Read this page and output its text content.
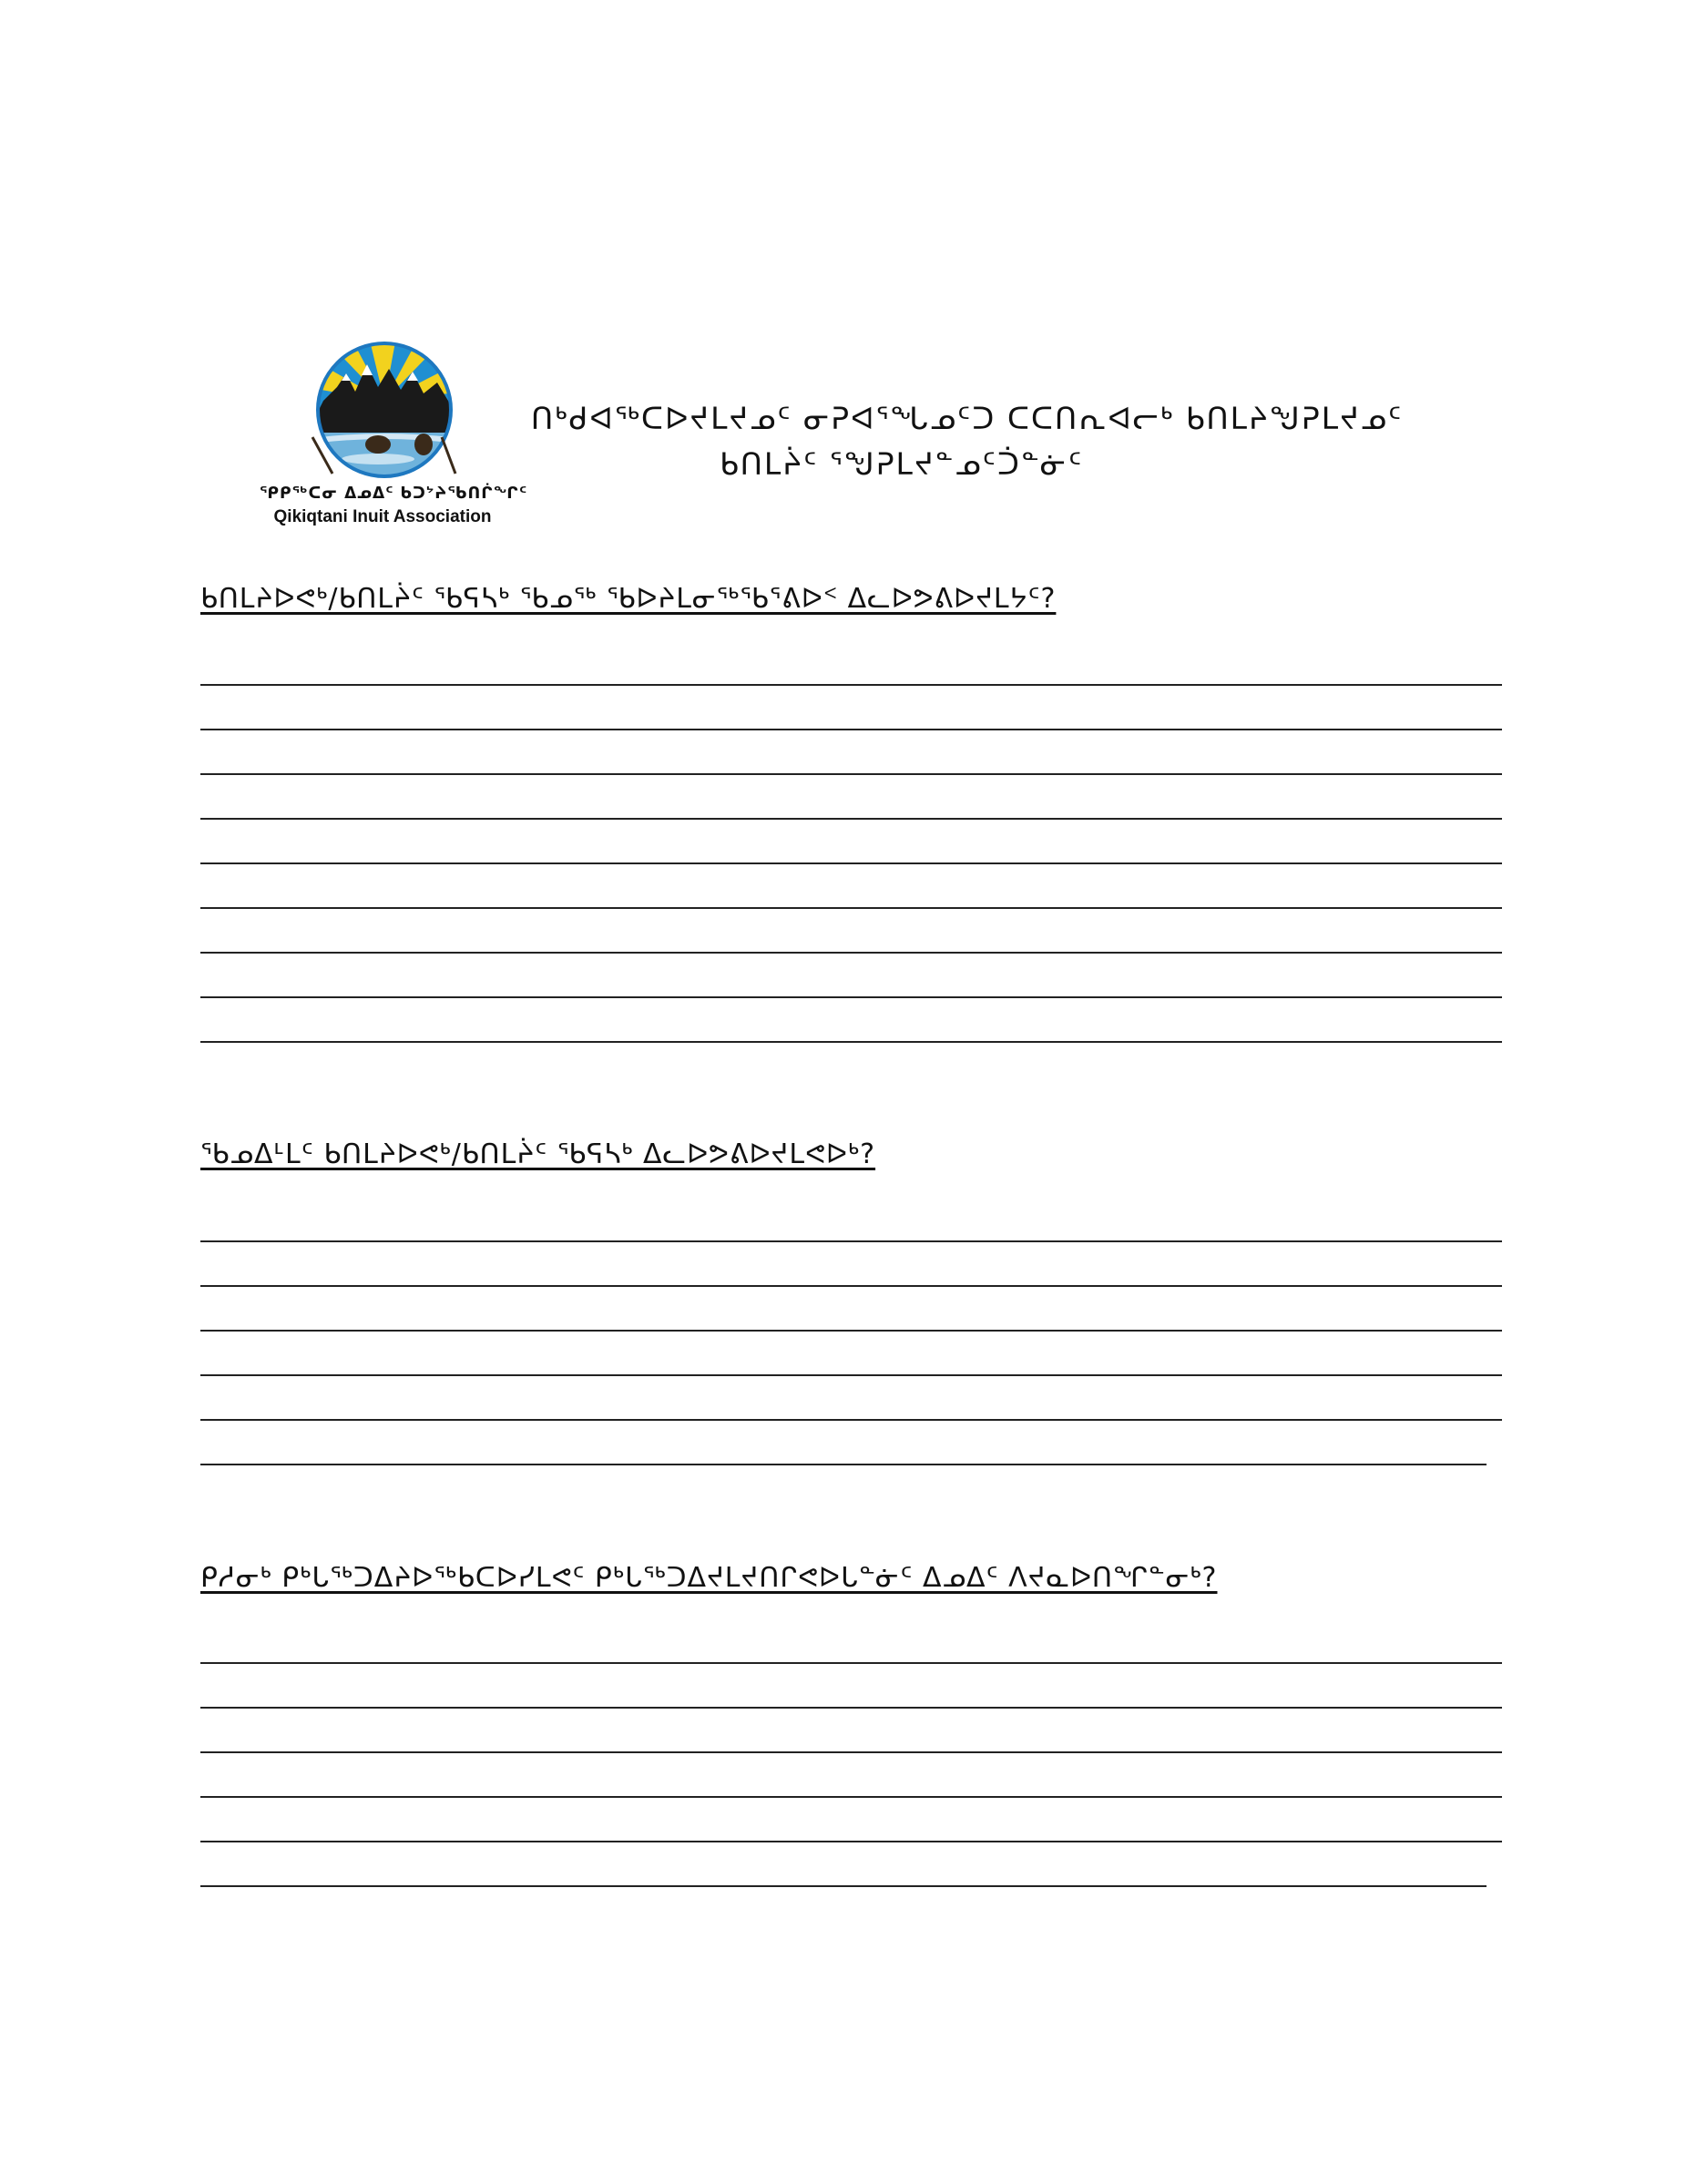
ᕿᑭᖅᑕᓂ ᐃᓄᐃᑦ ᑲᑐᔾᔨᖃᑎᒌᖏᑦ
Qikiqtani Inuit Association
ᑎᒃᑯᐊᖅᑕᐅᔪᒪᔪᓄᑦ ᓂᕈᐊᕐᖓᓄᑦᑐ ᑕᑕᑎᕆᐊᓕᒃ ᑲᑎᒪᔨᖑᕈᒪᔪᓄᑦ
ᑲᑎᒪᔩᑦ ᕐᖑᕈᒪᔪᓐᓄᑦᑑᓐᓃᑦ
ᑲᑎᒪᔨᐅᕙᒃ/ᑲᑎᒪᔩᑦ ᖃᕋᓴᒃ ᖃᓄᖅ ᖃᐅᔨᒪᓂᖅᖃᕐᕕᐅᑉ ᐃᓚᐅᕗᕕᐅᔪᒪᔭᑦ?
ᖃᓄᐃᒻᒪᑦ ᑲᑎᒪᔨᐅᕙᒃ/ᑲᑎᒪᔩᑦ ᖃᕋᓴᒃ ᐃᓚᐅᕗᕕᐅᔪᒪᕙᐅᒃ?
ᑭᓱᓂᒃ ᑭᒃᒐᖅᑐᐃᔨᐅᖅᑲᑕᐅᓯᒪᕙᑦ ᑭᒃᒐᖅᑐᐃᔪᒪᔪᑎᒋᕙᐅᒐᓐᓃᑦ ᐃᓄᐃᑦ ᐱᔪᓇᐅᑎᖏᓐᓂᒃ?
